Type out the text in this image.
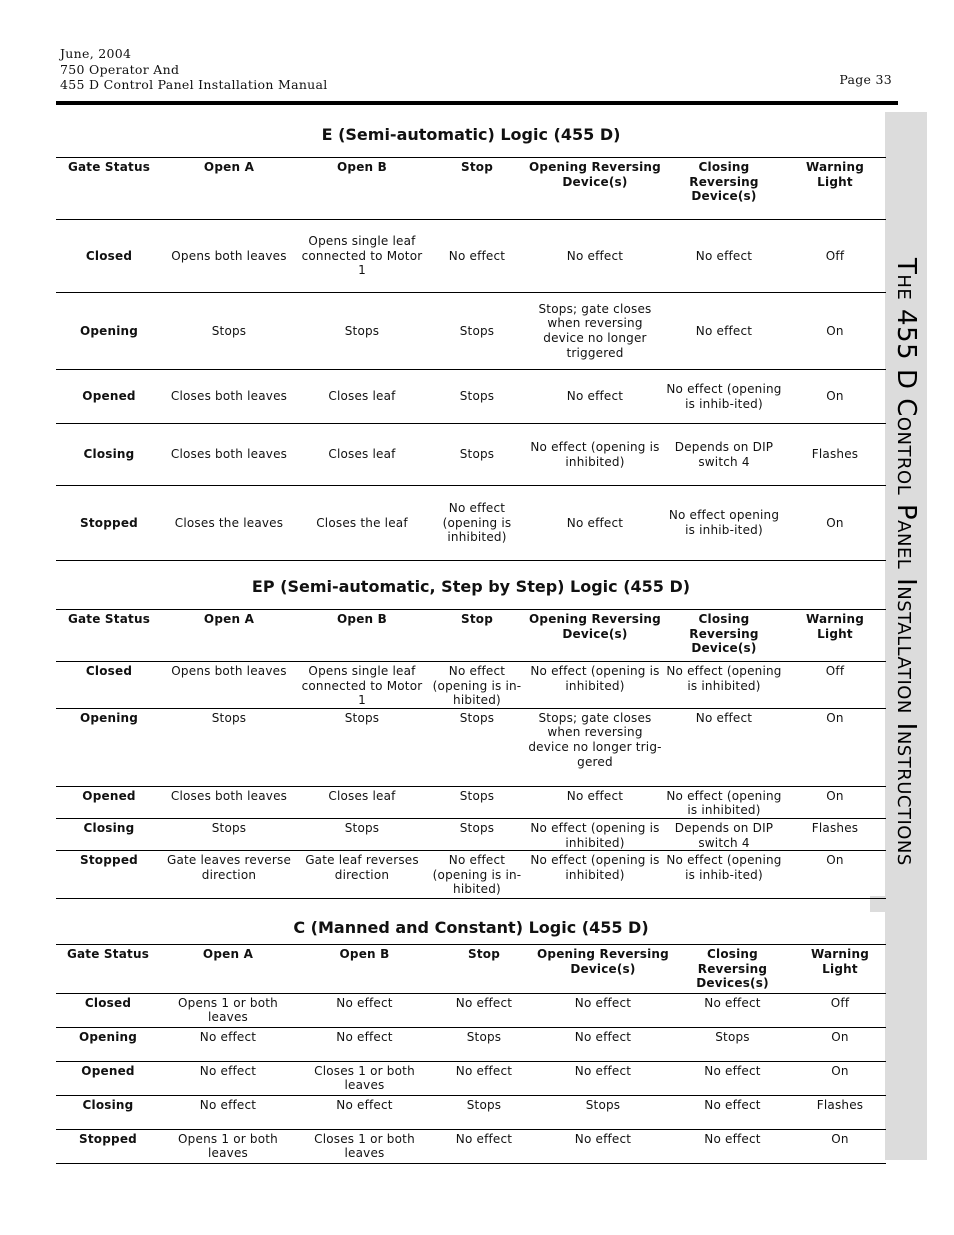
June, 2004
750 Operator And
455 D Control Panel Installation Manual	Page 33
The 455 D Control Panel Installation Instructions
E (Semi-automatic) Logic (455 D)
Gate Status	Open A	Open B	Stop	Opening Reversing Device(s)	Closing Reversing Device(s)	Warning Light
Closed	Opens both leaves	Opens single leaf connected to Motor 1	No effect	No effect	No effect	Off
Opening	Stops	Stops	Stops	Stops; gate closes when reversing device no longer triggered	No effect	On
Opened	Closes both leaves	Closes leaf	Stops	No effect	No effect (opening is inhib-ited)	On
Closing	Closes both leaves	Closes leaf	Stops	No effect (opening is inhibited)	Depends on DIP switch 4	Flashes
Stopped	Closes the leaves	Closes the leaf	No effect (opening is inhibited)	No effect	No effect opening is inhib-ited)	On
EP (Semi-automatic, Step by Step) Logic (455 D)
Gate Status	Open A	Open B	Stop	Opening Reversing Device(s)	Closing Reversing Device(s)	Warning Light
Closed	Opens both leaves	Opens single leaf connected to Motor 1	No effect (opening is in-hibited)	No effect (opening is inhibited)	No effect (opening is inhibited)	Off
Opening	Stops	Stops	Stops	Stops; gate closes when reversing device no longer trig-gered	No effect	On
Opened	Closes both leaves	Closes leaf	Stops	No effect	No effect (opening is inhibited)	On
Closing	Stops	Stops	Stops	No effect (opening is inhibited)	Depends on DIP switch 4	Flashes
Stopped	Gate leaves reverse direction	Gate leaf reverses direction	No effect (opening is in-hibited)	No effect (opening is inhibited)	No effect (opening is inhib-ited)	On
C (Manned and Constant) Logic (455 D)
Gate Status	Open A	Open B	Stop	Opening Reversing Device(s)	Closing Reversing Devices(s)	Warning Light
Closed	Opens 1 or both leaves	No effect	No effect	No effect	No effect	Off
Opening	No effect	No effect	Stops	No effect	Stops	On
Opened	No effect	Closes 1 or both leaves	No effect	No effect	No effect	On
Closing	No effect	No effect	Stops	Stops	No effect	Flashes
Stopped	Opens 1 or both leaves	Closes 1 or both leaves	No effect	No effect	No effect	On
